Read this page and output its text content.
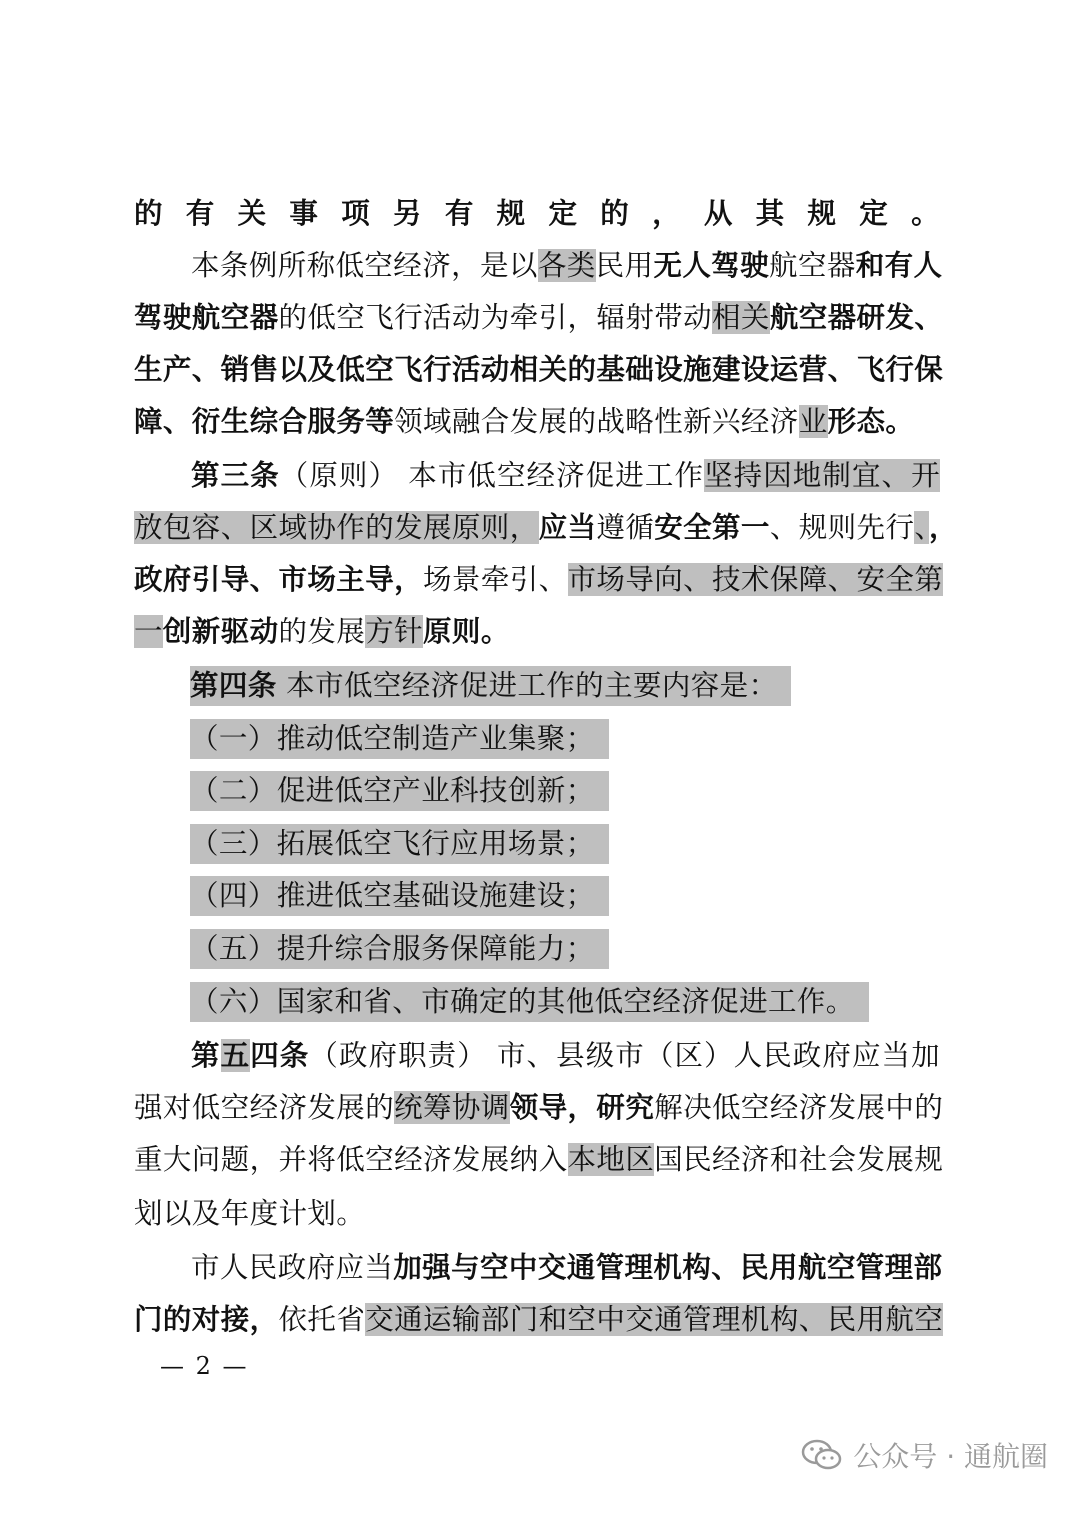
的有关事项另有规定的，从其规定。
本条例所称低空经济，是以各类民用无人驾驶航空器和有人
驾驶航空器的低空飞行活动为牵引，辐射带动相关航空器研发、
生产、销售以及低空飞行活动相关的基础设施建设运营、飞行保
障、衍生综合服务等领域融合发展的战略性新兴经济业形态。
第三条（原则） 本市低空经济促进工作坚持因地制宜、开
放包容、区域协作的发展原则，应当遵循安全第一、规则先行、，
政府引导、市场主导，场景牵引、市场导向、技术保障、安全第
一创新驱动的发展方针原则。
第四条 本市低空经济促进工作的主要内容是：
（一）推动低空制造产业集聚；
（二）促进低空产业科技创新；
（三）拓展低空飞行应用场景；
（四）推进低空基础设施建设；
（五）提升综合服务保障能力；
（六）国家和省、市确定的其他低空经济促进工作。
第五四条（政府职责） 市、县级市（区）人民政府应当加
强对低空经济发展的统筹协调领导，研究解决低空经济发展中的
重大问题，并将低空经济发展纳入本地区国民经济和社会发展规
划以及年度计划。
市人民政府应当加强与空中交通管理机构、民用航空管理部
门的对接，依托省交通运输部门和空中交通管理机构、民用航空
— 2 —
公众号 · 通航圈
